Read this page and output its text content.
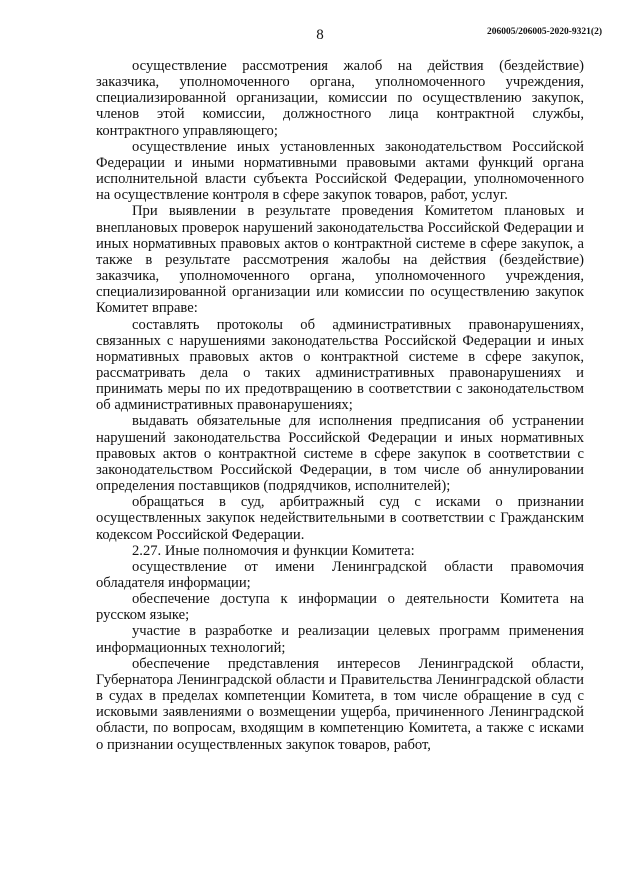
8	206005/206005-2020-9321(2)

осуществление рассмотрения жалоб на действия (бездействие) заказчика, уполномоченного органа, уполномоченного учреждения, специализированной организации, комиссии по осуществлению закупок, членов этой комиссии, должностного лица контрактной службы, контрактного управляющего;

осуществление иных установленных законодательством Российской Федерации и иными нормативными правовыми актами функций органа исполнительной власти субъекта Российской Федерации, уполномоченного на осуществление контроля в сфере закупок товаров, работ, услуг.

При выявлении в результате проведения Комитетом плановых и внеплановых проверок нарушений законодательства Российской Федерации и иных нормативных правовых актов о контрактной системе в сфере закупок, а также в результате рассмотрения жалобы на действия (бездействие) заказчика, уполномоченного органа, уполномоченного учреждения, специализированной организации или комиссии по осуществлению закупок Комитет вправе:

составлять протоколы об административных правонарушениях, связанных с нарушениями законодательства Российской Федерации и иных нормативных правовых актов о контрактной системе в сфере закупок, рассматривать дела о таких административных правонарушениях и принимать меры по их предотвращению в соответствии с законодательством об административных правонарушениях;

выдавать обязательные для исполнения предписания об устранении нарушений законодательства Российской Федерации и иных нормативных правовых актов о контрактной системе в сфере закупок в соответствии с законодательством Российской Федерации, в том числе об аннулировании определения поставщиков (подрядчиков, исполнителей);

обращаться в суд, арбитражный суд с исками о признании осуществленных закупок недействительными в соответствии с Гражданским кодексом Российской Федерации.

2.27. Иные полномочия и функции Комитета:

осуществление от имени Ленинградской области правомочия обладателя информации;

обеспечение доступа к информации о деятельности Комитета на русском языке;

участие в разработке и реализации целевых программ применения информационных технологий;

обеспечение представления интересов Ленинградской области, Губернатора Ленинградской области и Правительства Ленинградской области в судах в пределах компетенции Комитета, в том числе обращение в суд с исковыми заявлениями о возмещении ущерба, причиненного Ленинградской области, по вопросам, входящим в компетенцию Комитета, а также с исками о признании осуществленных закупок товаров, работ,
